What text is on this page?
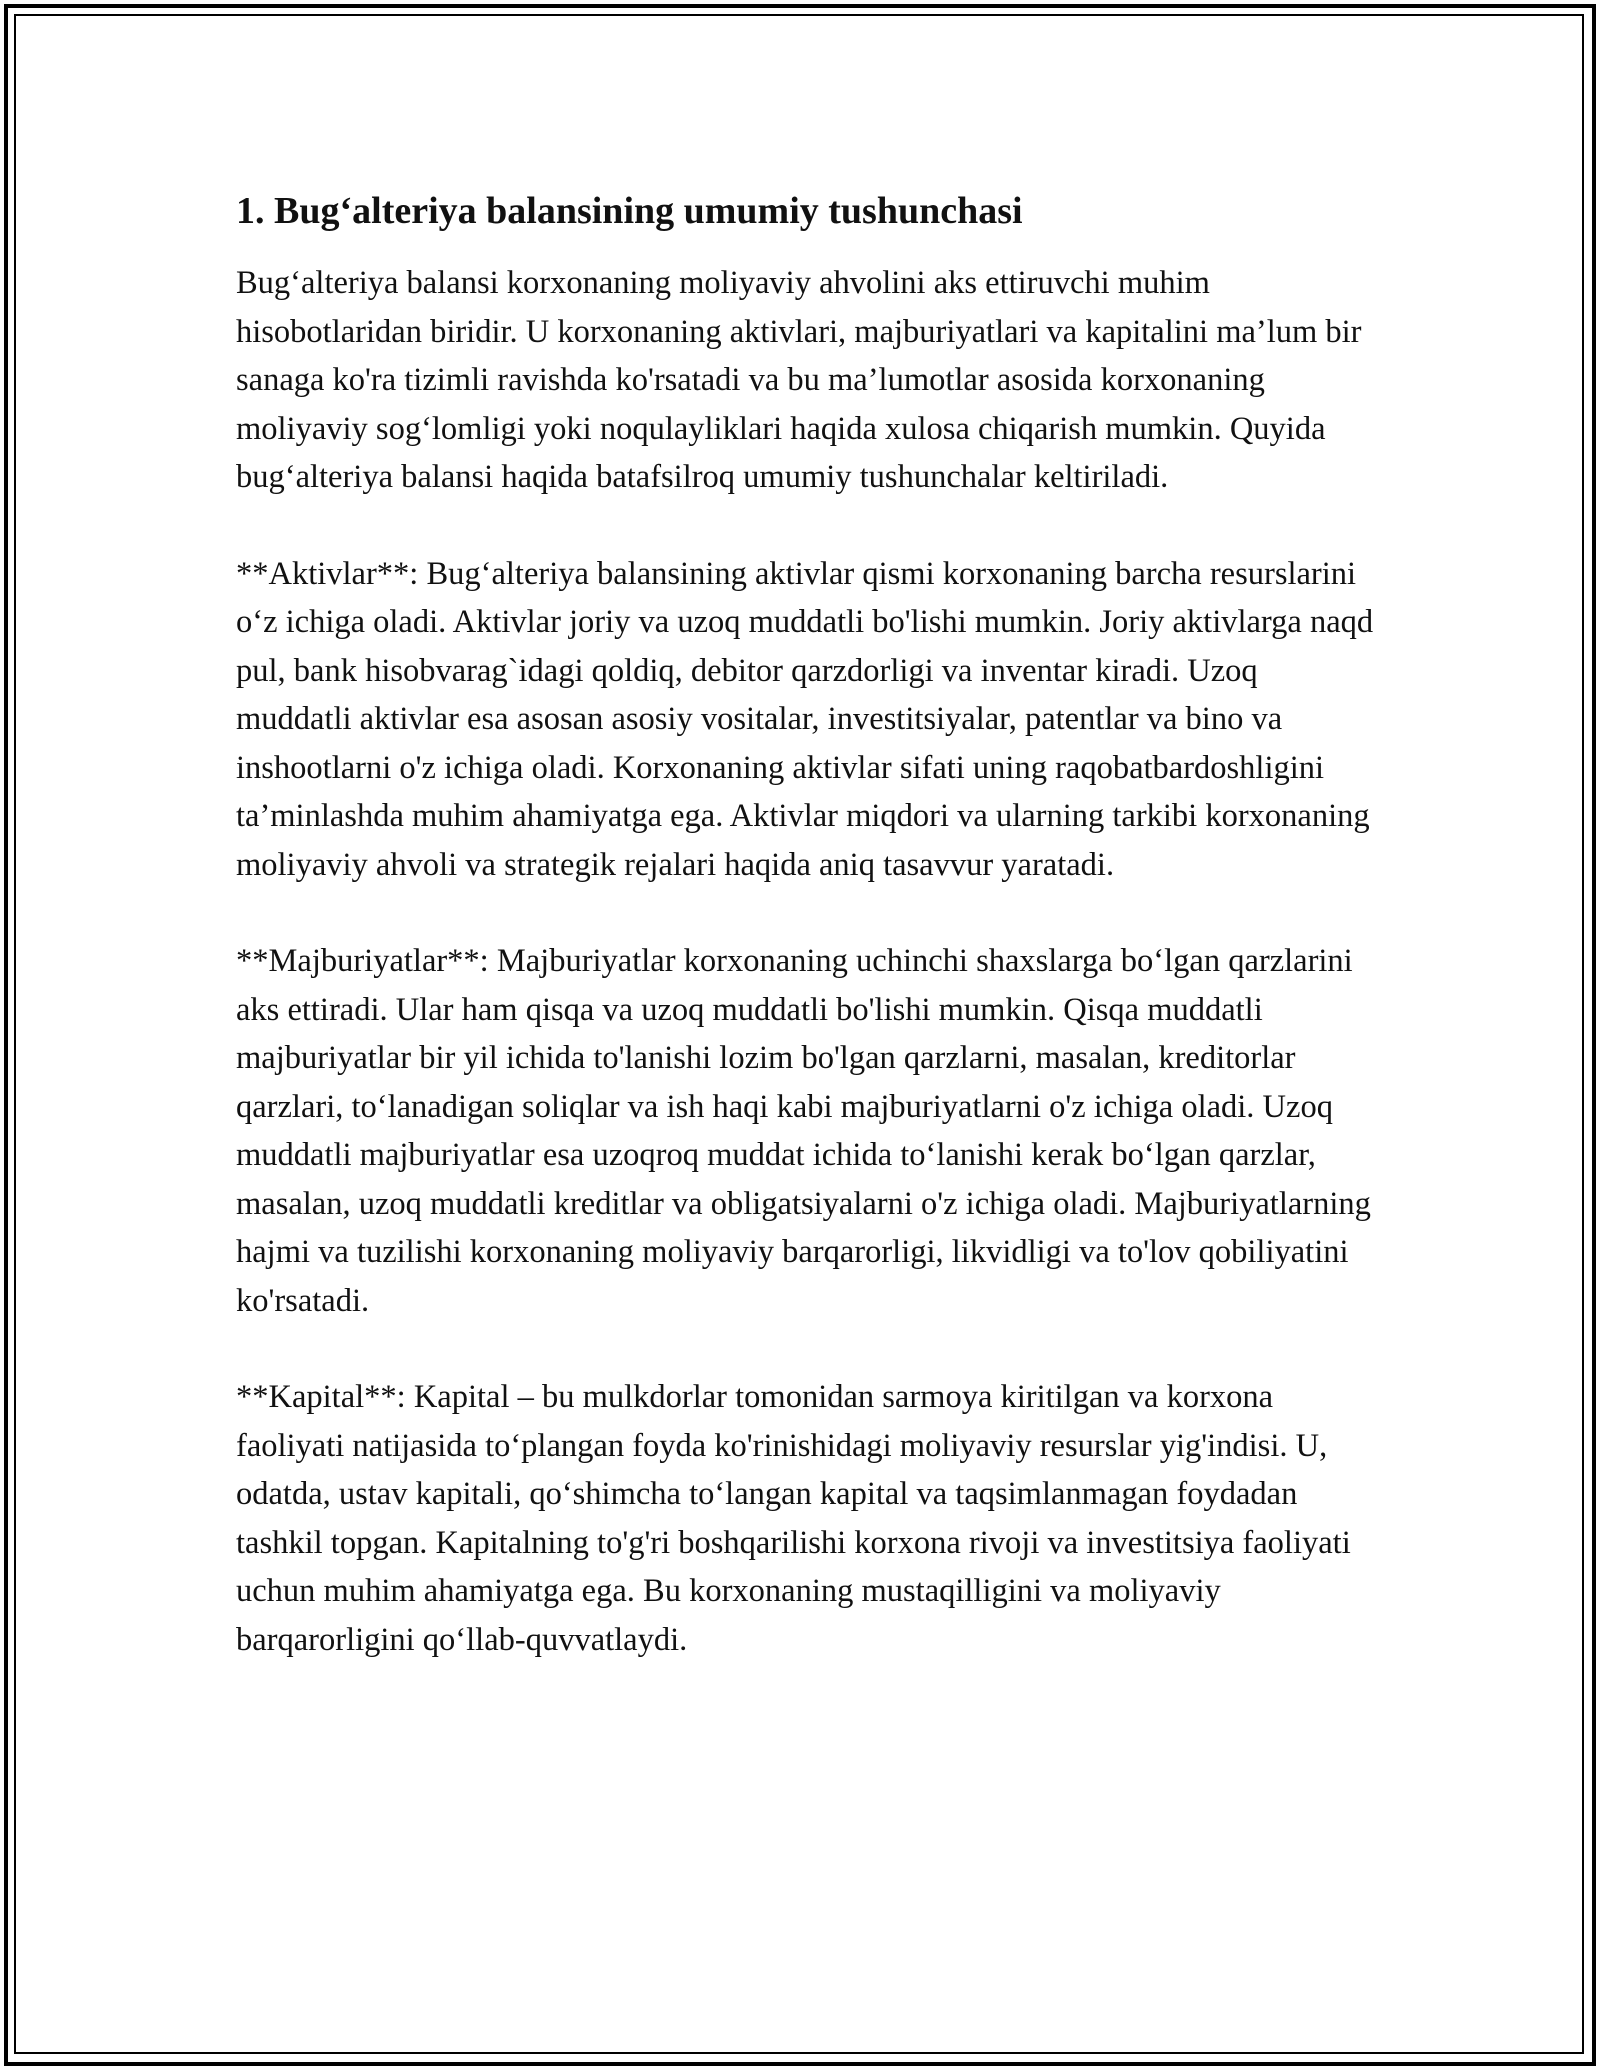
1. Bug‘alteriya balansining umumiy tushunchasi

Bug‘alteriya balansi korxonaning moliyaviy ahvolini aks ettiruvchi muhim hisobotlaridan biridir. U korxonaning aktivlari, majburiyatlari va kapitalini ma’lum bir sanaga ko'ra tizimli ravishda ko'rsatadi va bu ma’lumotlar asosida korxonaning moliyaviy sog‘lomligi yoki noqulayliklari haqida xulosa chiqarish mumkin. Quyida bug‘alteriya balansi haqida batafsilroq umumiy tushunchalar keltiriladi.

**Aktivlar**: Bug‘alteriya balansining aktivlar qismi korxonaning barcha resurslarini o‘z ichiga oladi. Aktivlar joriy va uzoq muddatli bo'lishi mumkin. Joriy aktivlarga naqd pul, bank hisobvarag`idagi qoldiq, debitor qarzdorligi va inventar kiradi. Uzoq muddatli aktivlar esa asosan asosiy vositalar, investitsiyalar, patentlar va bino va inshootlarni o'z ichiga oladi. Korxonaning aktivlar sifati uning raqobatbardoshligini ta’minlashda muhim ahamiyatga ega. Aktivlar miqdori va ularning tarkibi korxonaning moliyaviy ahvoli va strategik rejalari haqida aniq tasavvur yaratadi.

**Majburiyatlar**: Majburiyatlar korxonaning uchinchi shaxslarga bo‘lgan qarzlarini aks ettiradi. Ular ham qisqa va uzoq muddatli bo'lishi mumkin. Qisqa muddatli majburiyatlar bir yil ichida to'lanishi lozim bo'lgan qarzlarni, masalan, kreditorlar qarzlari, to‘lanadigan soliqlar va ish haqi kabi majburiyatlarni o'z ichiga oladi. Uzoq muddatli majburiyatlar esa uzoqroq muddat ichida to‘lanishi kerak bo‘lgan qarzlar, masalan, uzoq muddatli kreditlar va obligatsiyalarni o'z ichiga oladi. Majburiyatlarning hajmi va tuzilishi korxonaning moliyaviy barqarorligi, likvidligi va to'lov qobiliyatini ko'rsatadi.

**Kapital**: Kapital – bu mulkdorlar tomonidan sarmoya kiritilgan va korxona faoliyati natijasida to‘plangan foyda ko'rinishidagi moliyaviy resurslar yig'indisi. U, odatda, ustav kapitali, qo‘shimcha to‘langan kapital va taqsimlanmagan foydadan tashkil topgan. Kapitalning to'g'ri boshqarilishi korxona rivoji va investitsiya faoliyati uchun muhim ahamiyatga ega. Bu korxonaning mustaqilligini va moliyaviy barqarorligini qo‘llab-quvvatlaydi.
